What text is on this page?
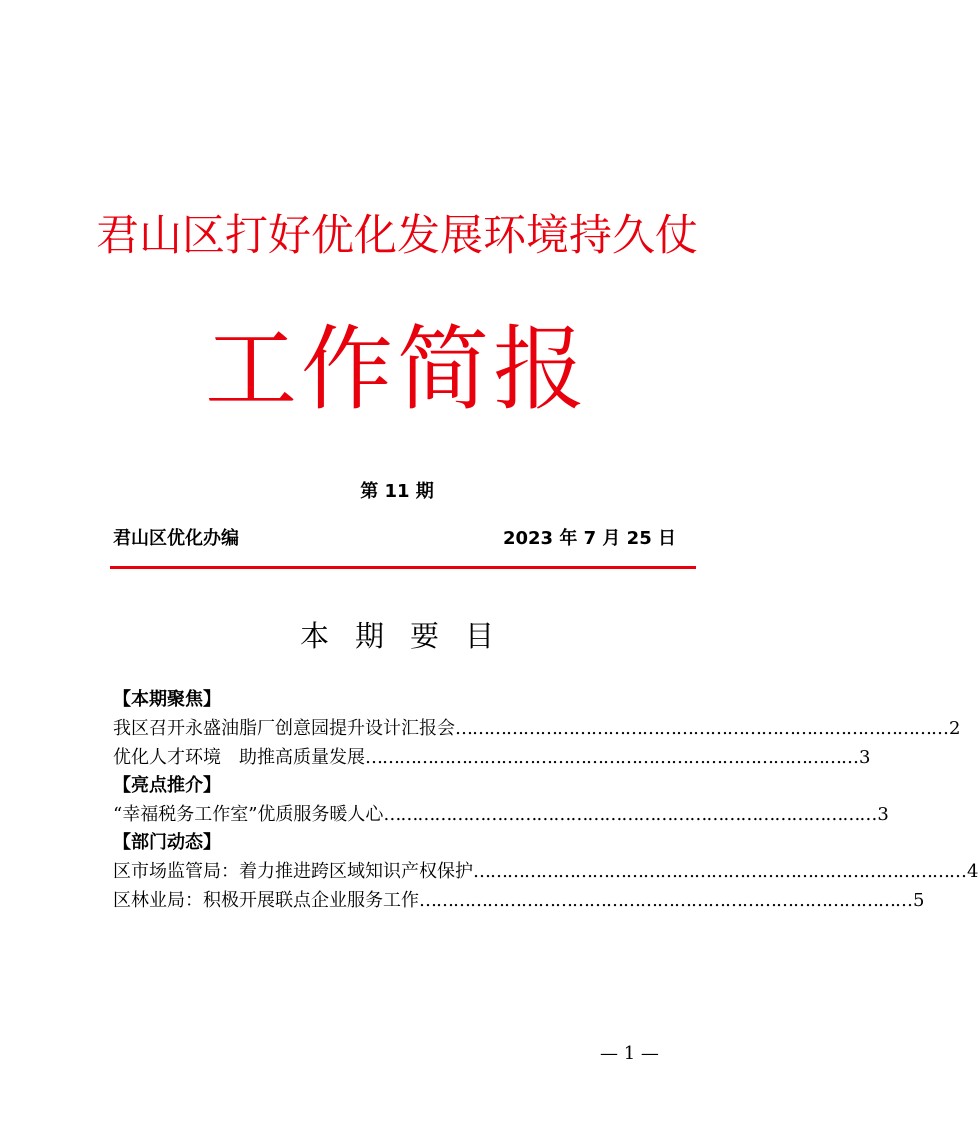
君山区打好优化发展环境持久仗
工作简报
第 11 期
君山区优化办编	2023 年 7 月 25 日
本期要目
【本期聚焦】
我区召开永盛油脂厂创意园提升设计汇报会 …………………………………………………………………………… 2
优化人才环境　助推高质量发展 …………………………………………………………………………… 3
【亮点推介】
“幸福税务工作室”优质服务暖人心 …………………………………………………………………………… 3
【部门动态】
区市场监管局：着力推进跨区域知识产权保护 …………………………………………………………………………… 4
区林业局：积极开展联点企业服务工作 …………………………………………………………………………… 5
— 1 —
